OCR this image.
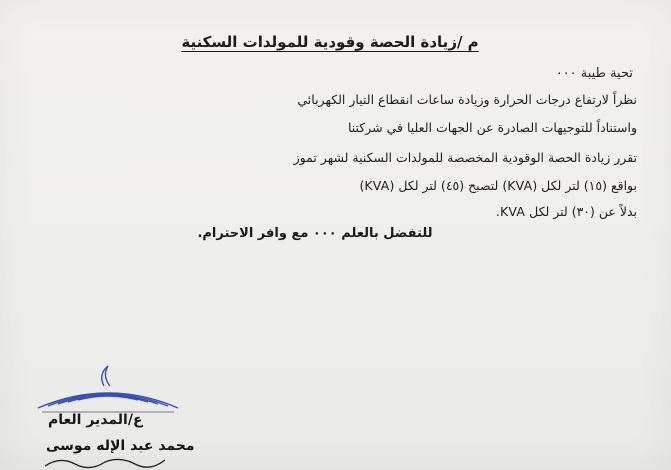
م /زيادة الحصة وقودية للمولدات السكنية
تحية طيبة ٠٠٠
نظراً لارتفاع درجات الحرارة وزيادة ساعات انقطاع التيار الكهربائي
واستناداً للتوجيهات الصادرة عن الجهات العليا في شركتنا
تقرر زيادة الحصة الوقودية المخصصة للمولدات السكنية لشهر تموز
بواقع (١٥) لتر لكل (KVA) لتصبح (٤٥) لتر لكل (KVA)
بدلاً عن (٣٠) لتر لكل KVA.
للتفضل بالعلم ٠٠٠ مع وافر الاحترام.
ع/المدير العام
محمد عبد الإله موسى
